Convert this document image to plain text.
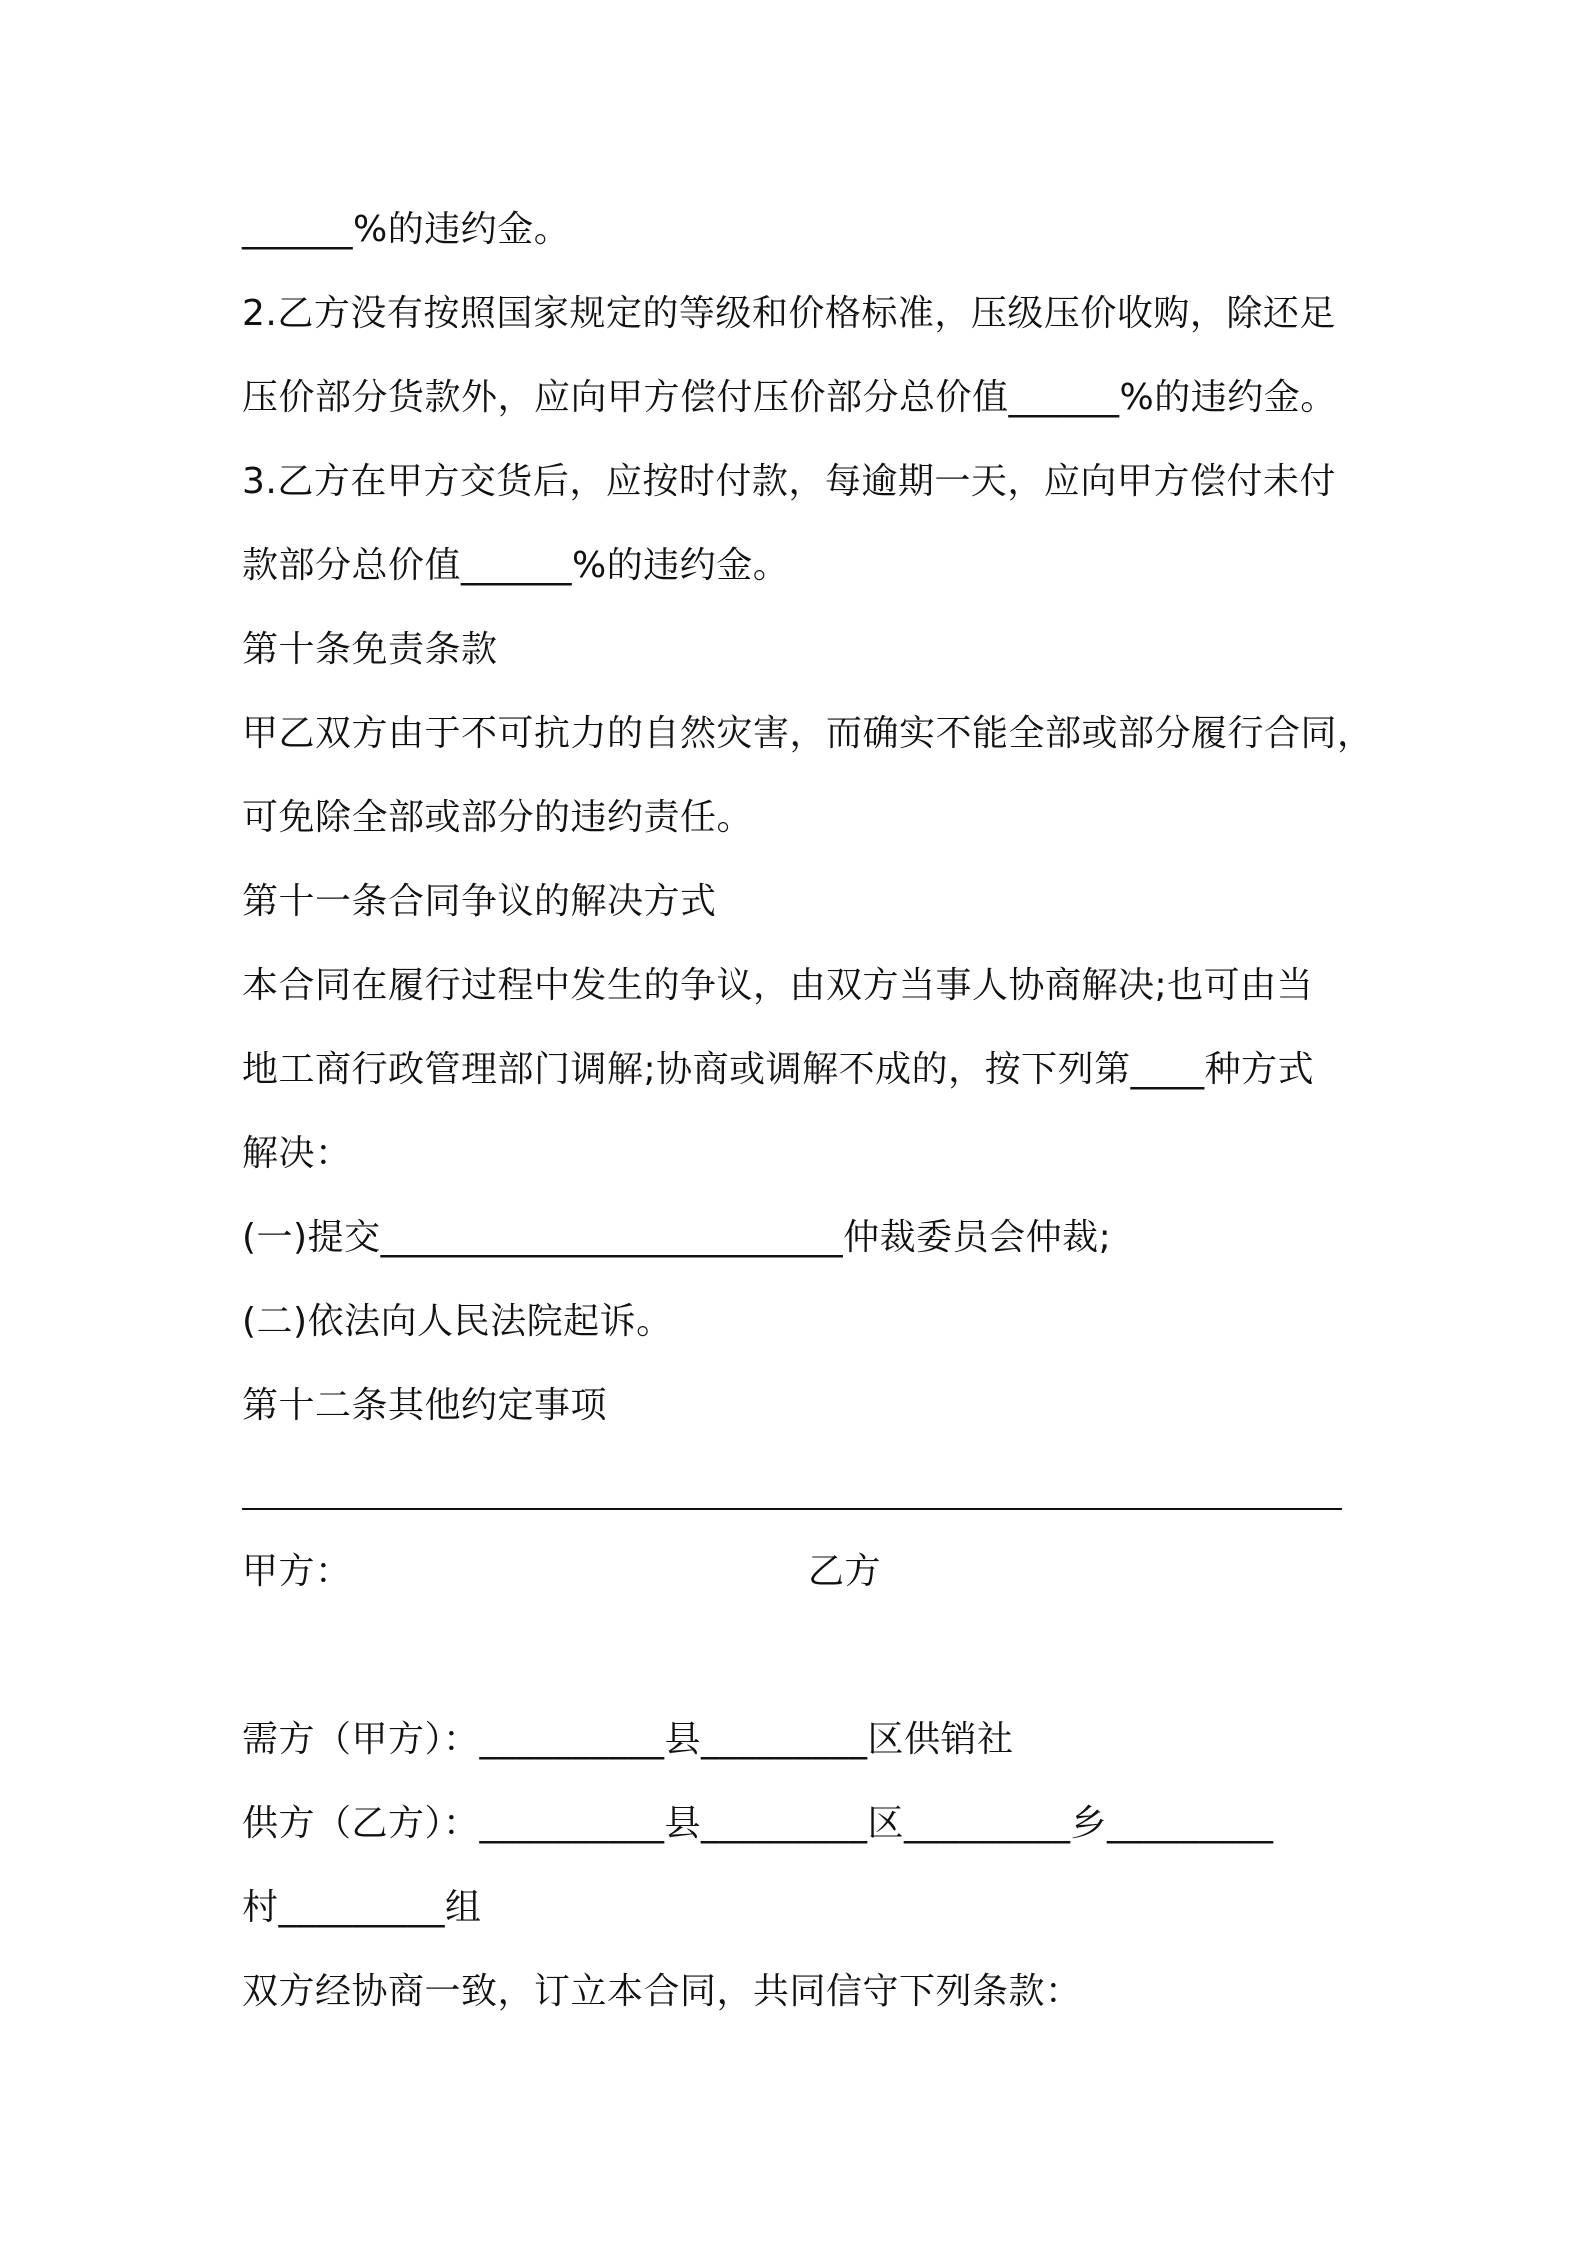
______%的违约金。
2.乙方没有按照国家规定的等级和价格标准，压级压价收购，除还足
压价部分货款外，应向甲方偿付压价部分总价值______%的违约金。
3.乙方在甲方交货后，应按时付款，每逾期一天，应向甲方偿付未付
款部分总价值______%的违约金。
第十条免责条款
甲乙双方由于不可抗力的自然灾害，而确实不能全部或部分履行合同，
可免除全部或部分的违约责任。
第十一条合同争议的解决方式
本合同在履行过程中发生的争议，由双方当事人协商解决;也可由当
地工商行政管理部门调解;协商或调解不成的，按下列第____种方式
解决：
(一)提交_________________________仲裁委员会仲裁;
(二)依法向人民法院起诉。
第十二条其他约定事项
甲方：	乙方
需方（甲方）：__________县_________区供销社
供方（乙方）：__________县_________区_________乡_________
村_________组
双方经协商一致，订立本合同，共同信守下列条款：
